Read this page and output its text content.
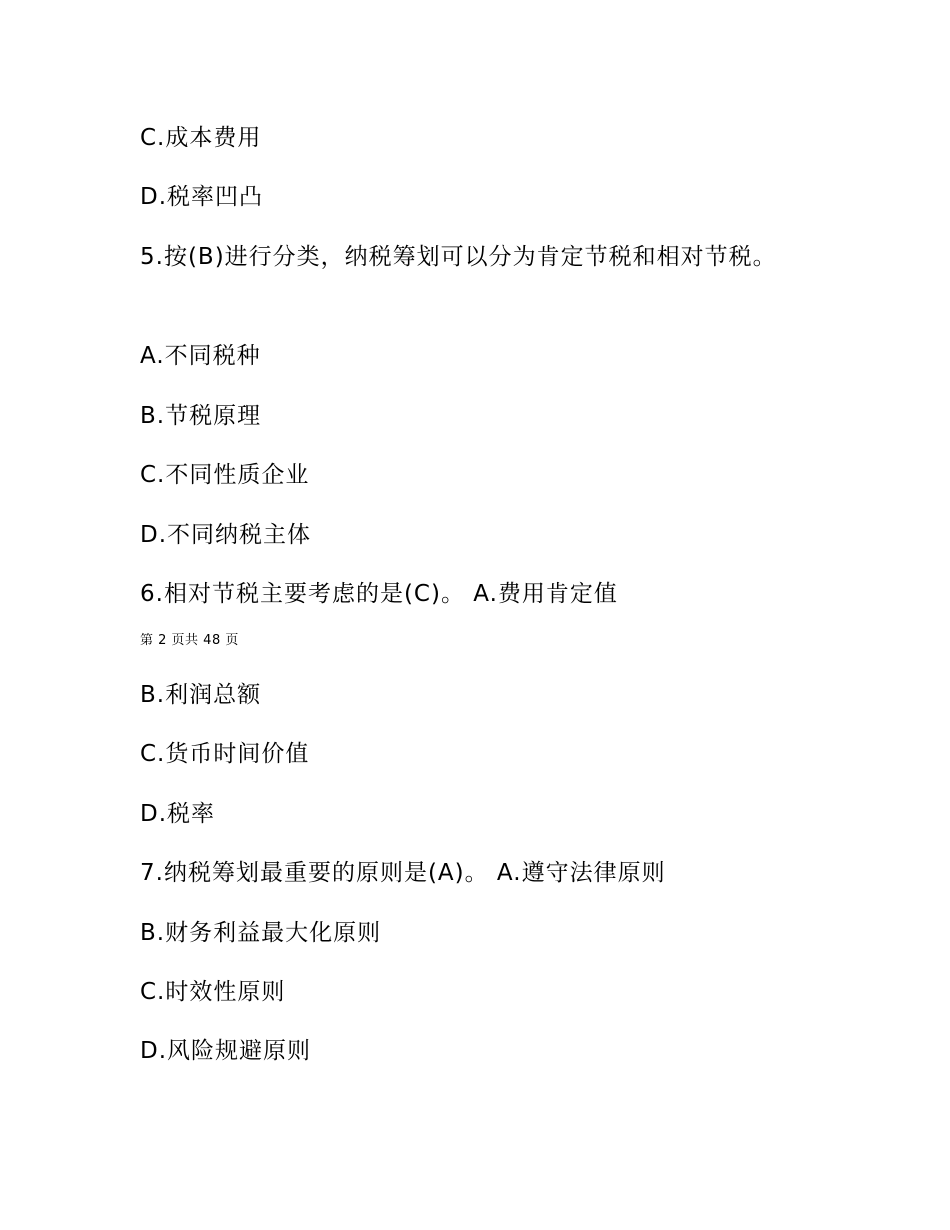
C.成本费用
D.税率凹凸
5.按(B)进行分类，纳税筹划可以分为肯定节税和相对节税。
A.不同税种
B.节税原理
C.不同性质企业
D.不同纳税主体
6.相对节税主要考虑的是(C)。 A.费用肯定值
第 2 页共 48 页
B.利润总额
C.货币时间价值
D.税率
7.纳税筹划最重要的原则是(A)。 A.遵守法律原则
B.财务利益最大化原则
C.时效性原则
D.风险规避原则
